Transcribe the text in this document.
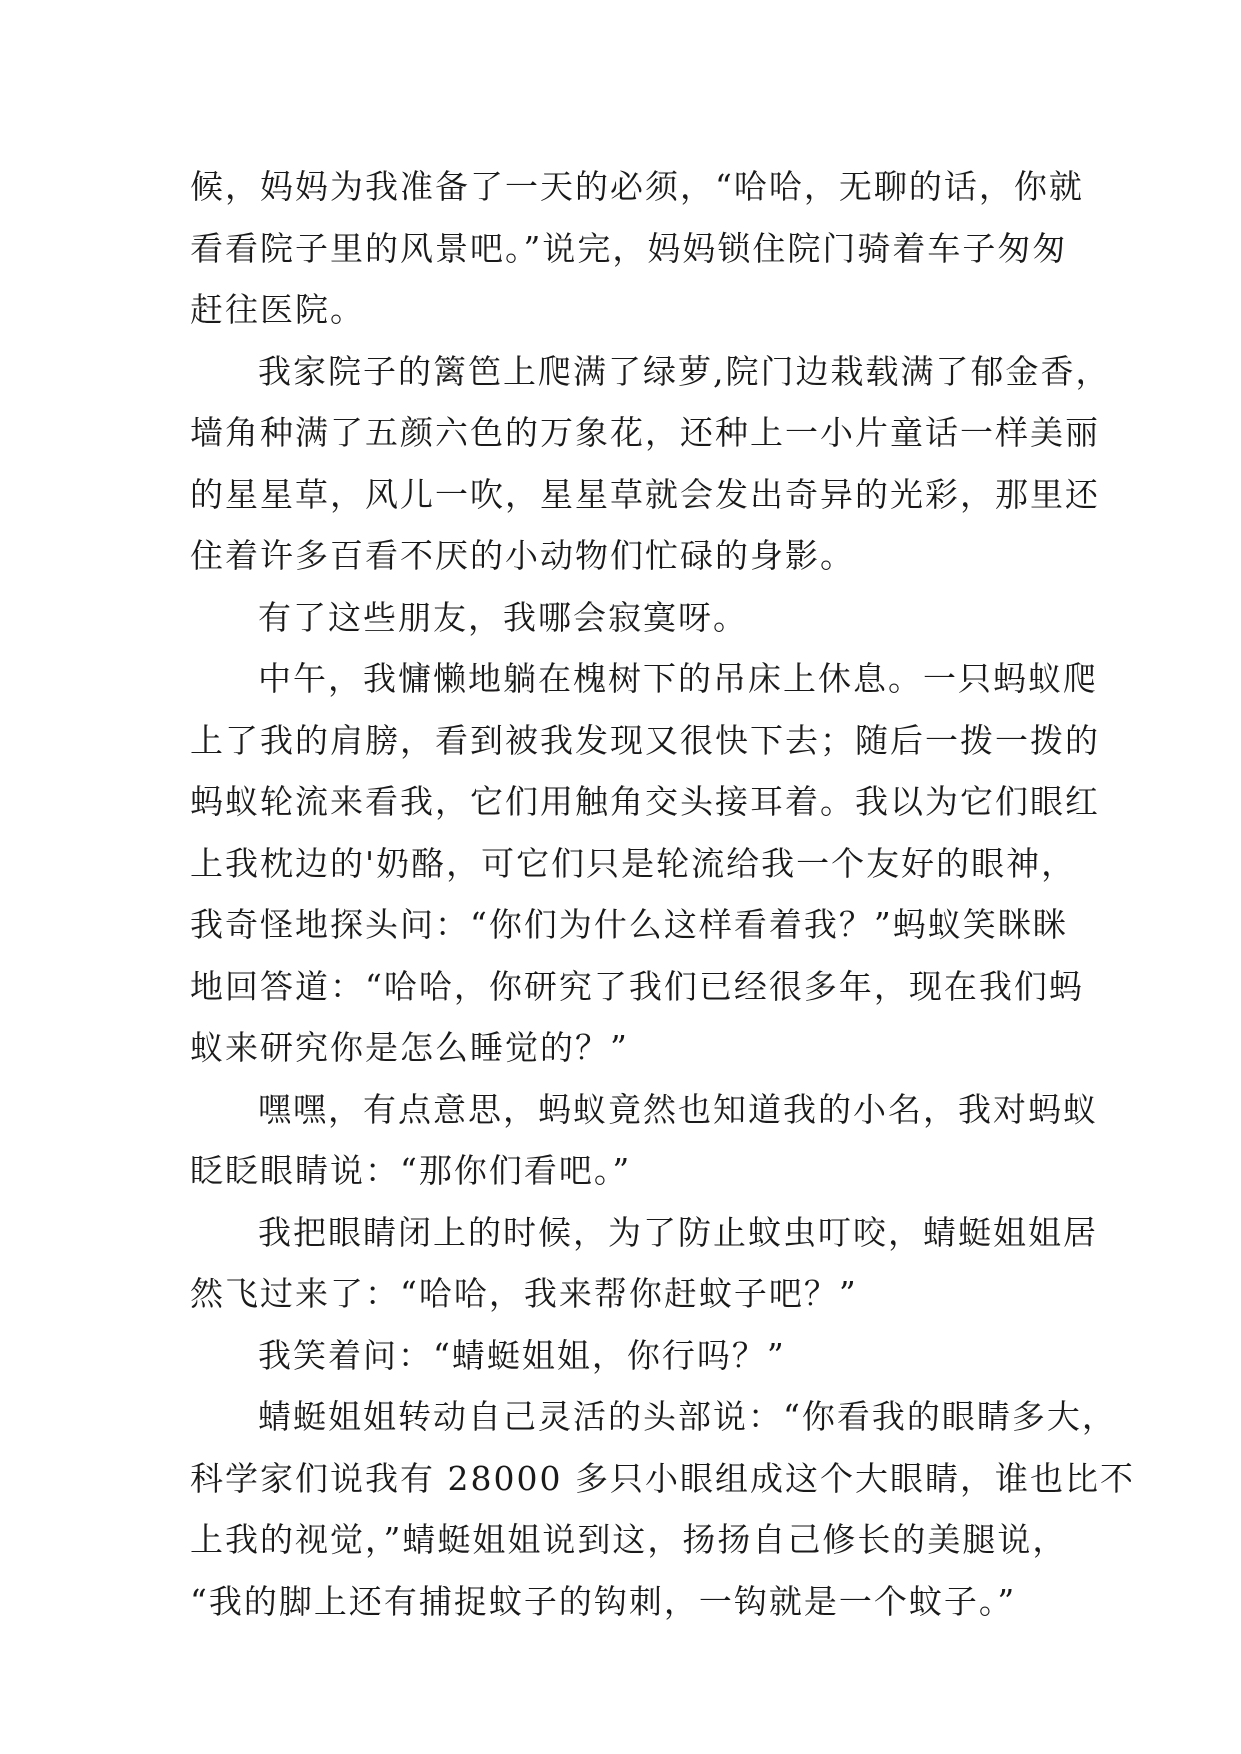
候，妈妈为我准备了一天的必须，“哈哈，无聊的话，你就
看看院子里的风景吧。”说完，妈妈锁住院门骑着车子匆匆
赶往医院。
我家院子的篱笆上爬满了绿萝,院门边栽载满了郁金香，
墙角种满了五颜六色的万象花，还种上一小片童话一样美丽
的星星草，风儿一吹，星星草就会发出奇异的光彩，那里还
住着许多百看不厌的小动物们忙碌的身影。
有了这些朋友，我哪会寂寞呀。
中午，我慵懒地躺在槐树下的吊床上休息。一只蚂蚁爬
上了我的肩膀，看到被我发现又很快下去；随后一拨一拨的
蚂蚁轮流来看我，它们用触角交头接耳着。我以为它们眼红
上我枕边的'奶酪，可它们只是轮流给我一个友好的眼神，
我奇怪地探头问：“你们为什么这样看着我？”蚂蚁笑眯眯
地回答道：“哈哈，你研究了我们已经很多年，现在我们蚂
蚁来研究你是怎么睡觉的？”
嘿嘿，有点意思，蚂蚁竟然也知道我的小名，我对蚂蚁
眨眨眼睛说：“那你们看吧。”
我把眼睛闭上的时候，为了防止蚊虫叮咬，蜻蜓姐姐居
然飞过来了：“哈哈，我来帮你赶蚊子吧？”
我笑着问：“蜻蜓姐姐，你行吗？”
蜻蜓姐姐转动自己灵活的头部说：“你看我的眼睛多大，
科学家们说我有 28000 多只小眼组成这个大眼睛，谁也比不
上我的视觉，”蜻蜓姐姐说到这，扬扬自己修长的美腿说，
“我的脚上还有捕捉蚊子的钩刺，一钩就是一个蚊子。”
